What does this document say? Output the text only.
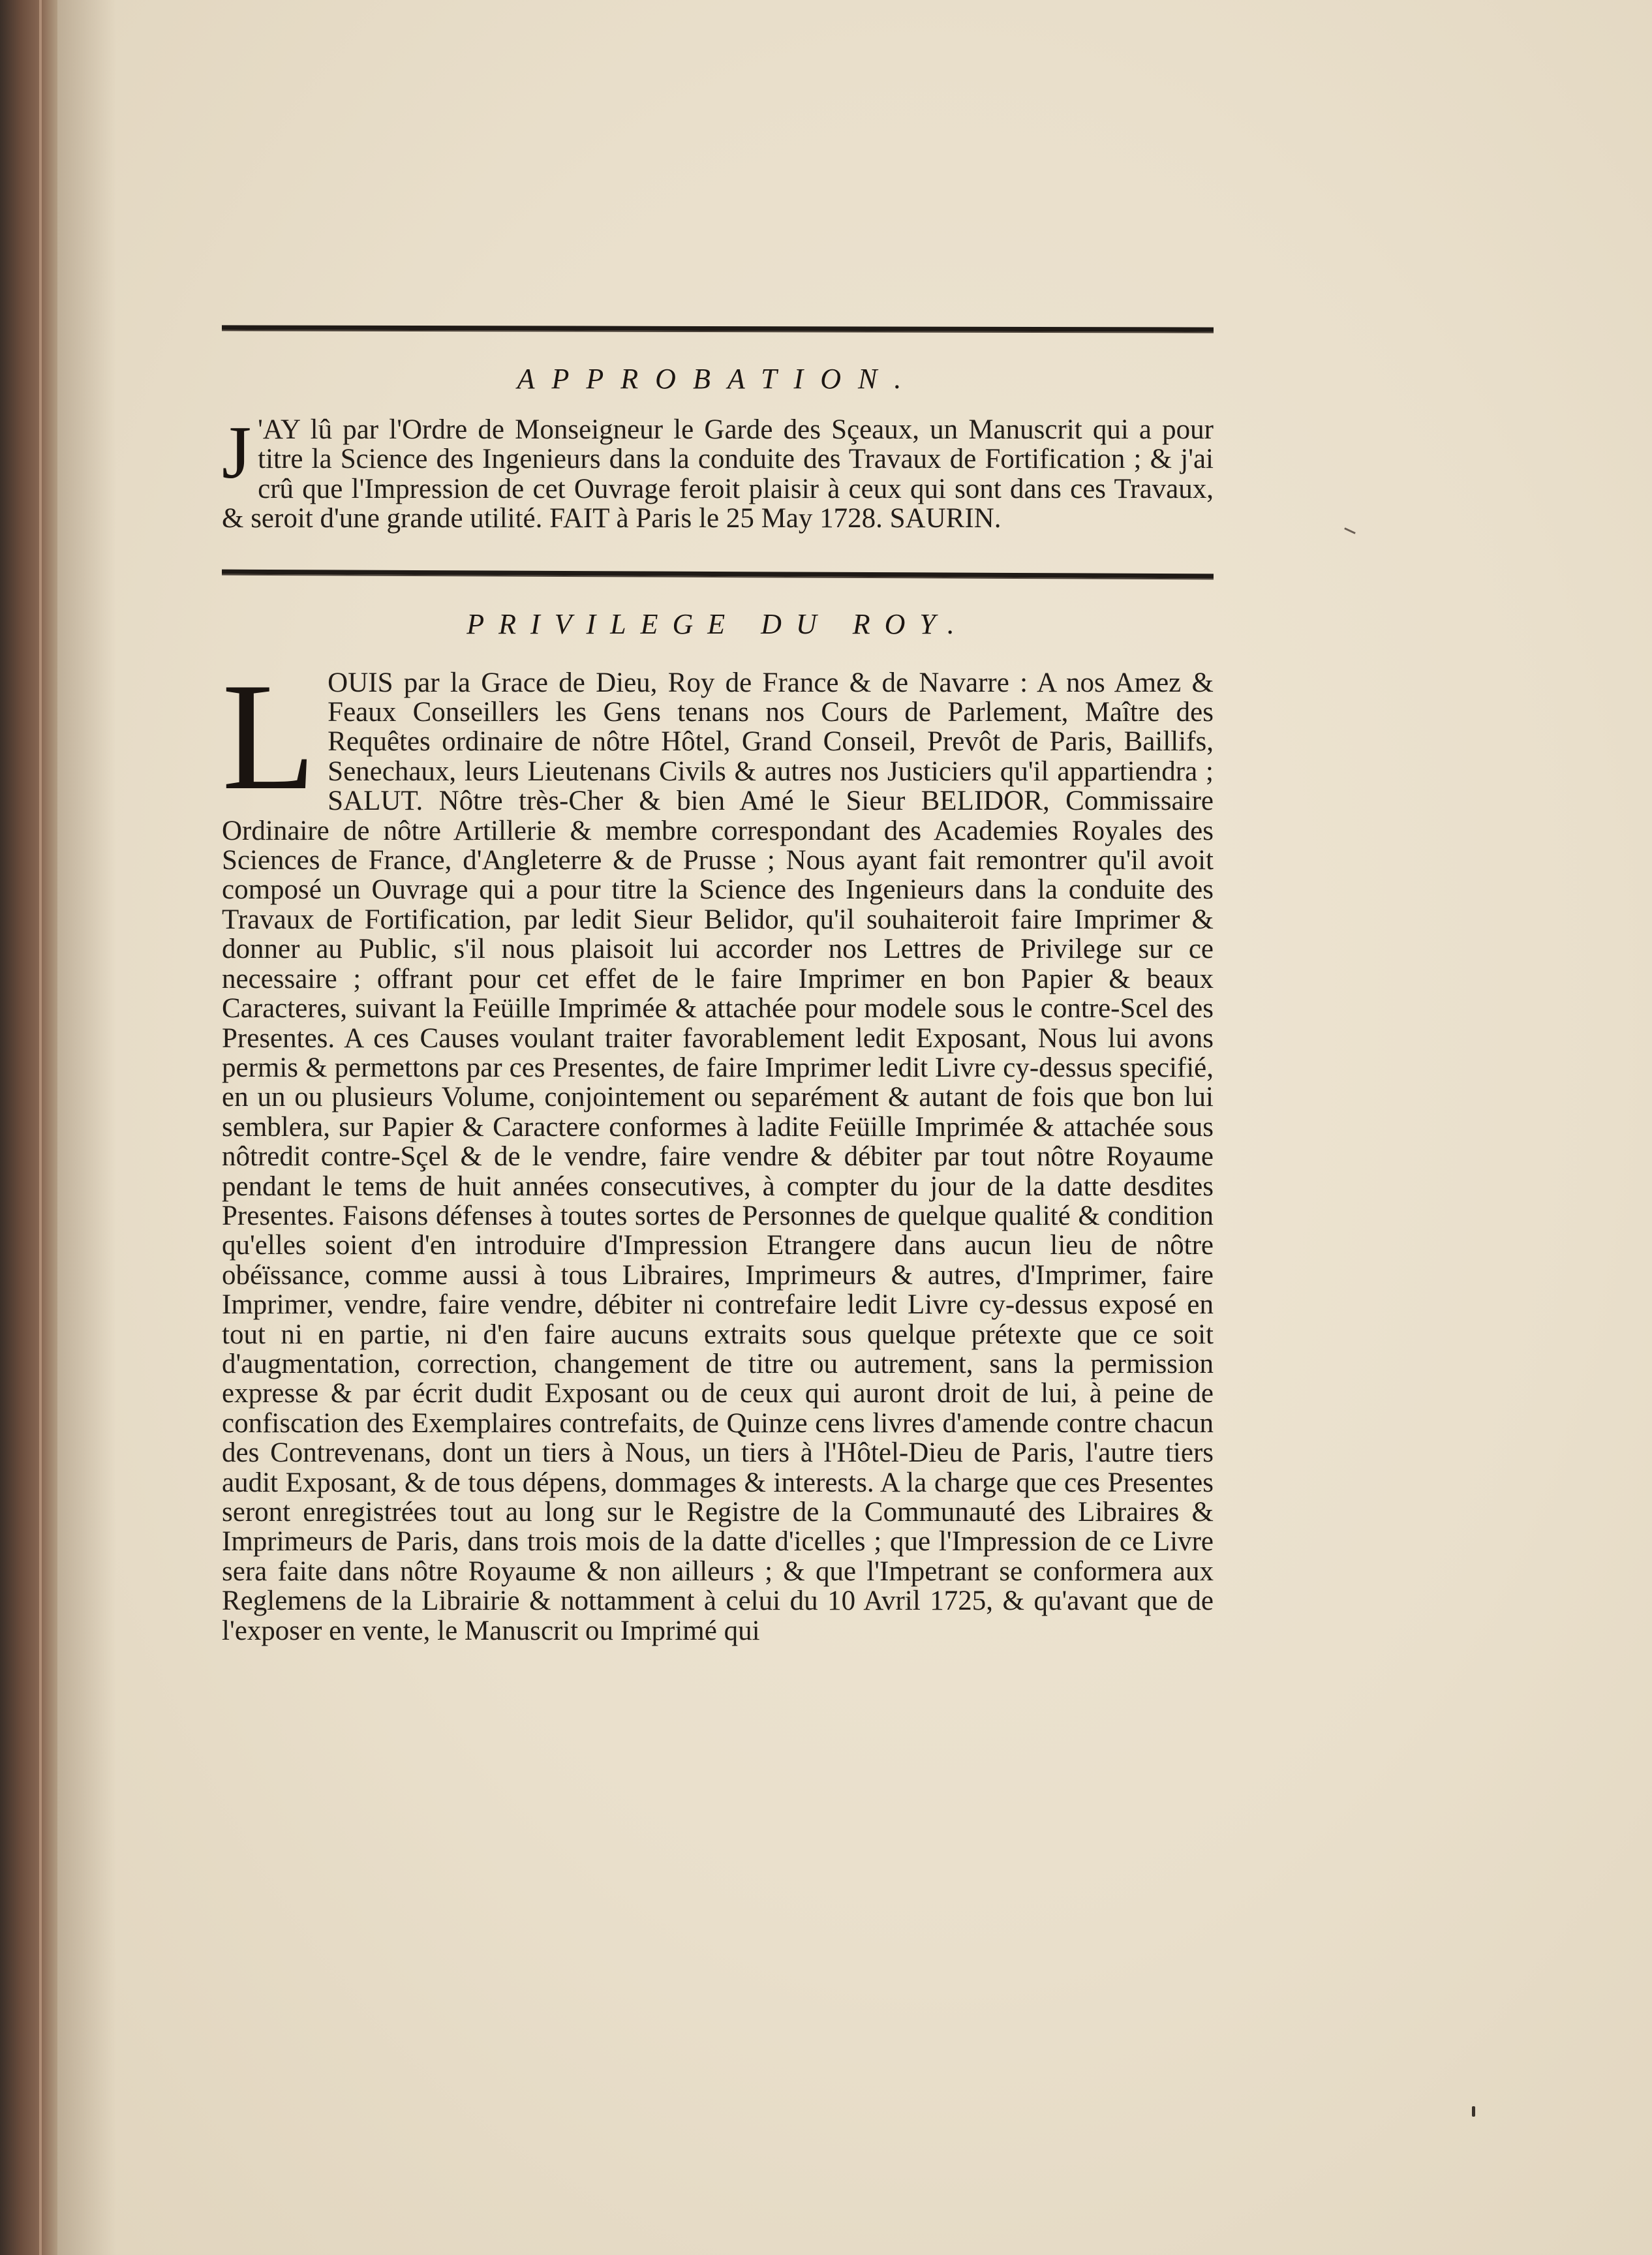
APPROBATION.
J 'AY lû par l'Ordre de Monseigneur le Garde des Sçeaux, un Manuscrit qui a pour titre la Science des Ingenieurs dans la conduite des Travaux de Fortification ; & j'ai crû que l'Impression de cet Ouvrage feroit plaisir à ceux qui sont dans ces Travaux, & seroit d'une grande utilité. FAIT à Paris le 25 May 1728. SAURIN.
PRIVILEGE DU ROY.
L OUIS par la Grace de Dieu, Roy de France & de Navarre : A nos Amez & Feaux Conseillers les Gens tenans nos Cours de Parlement, Maître des Requêtes ordinaire de nôtre Hôtel, Grand Conseil, Prevôt de Paris, Baillifs, Senechaux, leurs Lieutenans Civils & autres nos Justiciers qu'il appartiendra ; SALUT. Nôtre très-Cher & bien Amé le Sieur BELIDOR, Commissaire Ordinaire de nôtre Artillerie & membre correspondant des Academies Royales des Sciences de France, d'Angleterre & de Prusse ; Nous ayant fait remontrer qu'il avoit composé un Ouvrage qui a pour titre la Science des Ingenieurs dans la conduite des Travaux de Fortification, par ledit Sieur Belidor, qu'il souhaiteroit faire Imprimer & donner au Public, s'il nous plaisoit lui accorder nos Lettres de Privilege sur ce necessaire ; offrant pour cet effet de le faire Imprimer en bon Papier & beaux Caracteres, suivant la Feüille Imprimée & attachée pour modele sous le contre-Scel des Presentes. A ces Causes voulant traiter favorablement ledit Exposant, Nous lui avons permis & permettons par ces Presentes, de faire Imprimer ledit Livre cy-dessus specifié, en un ou plusieurs Volume, conjointement ou separément & autant de fois que bon lui semblera, sur Papier & Caractere conformes à ladite Feüille Imprimée & attachée sous nôtredit contre-Sçel & de le vendre, faire vendre & débiter par tout nôtre Royaume pendant le tems de huit années consecutives, à compter du jour de la datte desdites Presentes. Faisons défenses à toutes sortes de Personnes de quelque qualité & condition qu'elles soient d'en introduire d'Impression Etrangere dans aucun lieu de nôtre obéïssance, comme aussi à tous Libraires, Imprimeurs & autres, d'Imprimer, faire Imprimer, vendre, faire vendre, débiter ni contrefaire ledit Livre cy-dessus exposé en tout ni en partie, ni d'en faire aucuns extraits sous quelque prétexte que ce soit d'augmentation, correction, changement de titre ou autrement, sans la permission expresse & par écrit dudit Exposant ou de ceux qui auront droit de lui, à peine de confiscation des Exemplaires contrefaits, de Quinze cens livres d'amende contre chacun des Contrevenans, dont un tiers à Nous, un tiers à l'Hôtel-Dieu de Paris, l'autre tiers audit Exposant, & de tous dépens, dommages & interests. A la charge que ces Presentes seront enregistrées tout au long sur le Registre de la Communauté des Libraires & Imprimeurs de Paris, dans trois mois de la datte d'icelles ; que l'Impression de ce Livre sera faite dans nôtre Royaume & non ailleurs ; & que l'Impetrant se conformera aux Reglemens de la Librairie & nottamment à celui du 10 Avril 1725, & qu'avant que de l'exposer en vente, le Manuscrit ou Imprimé qui
